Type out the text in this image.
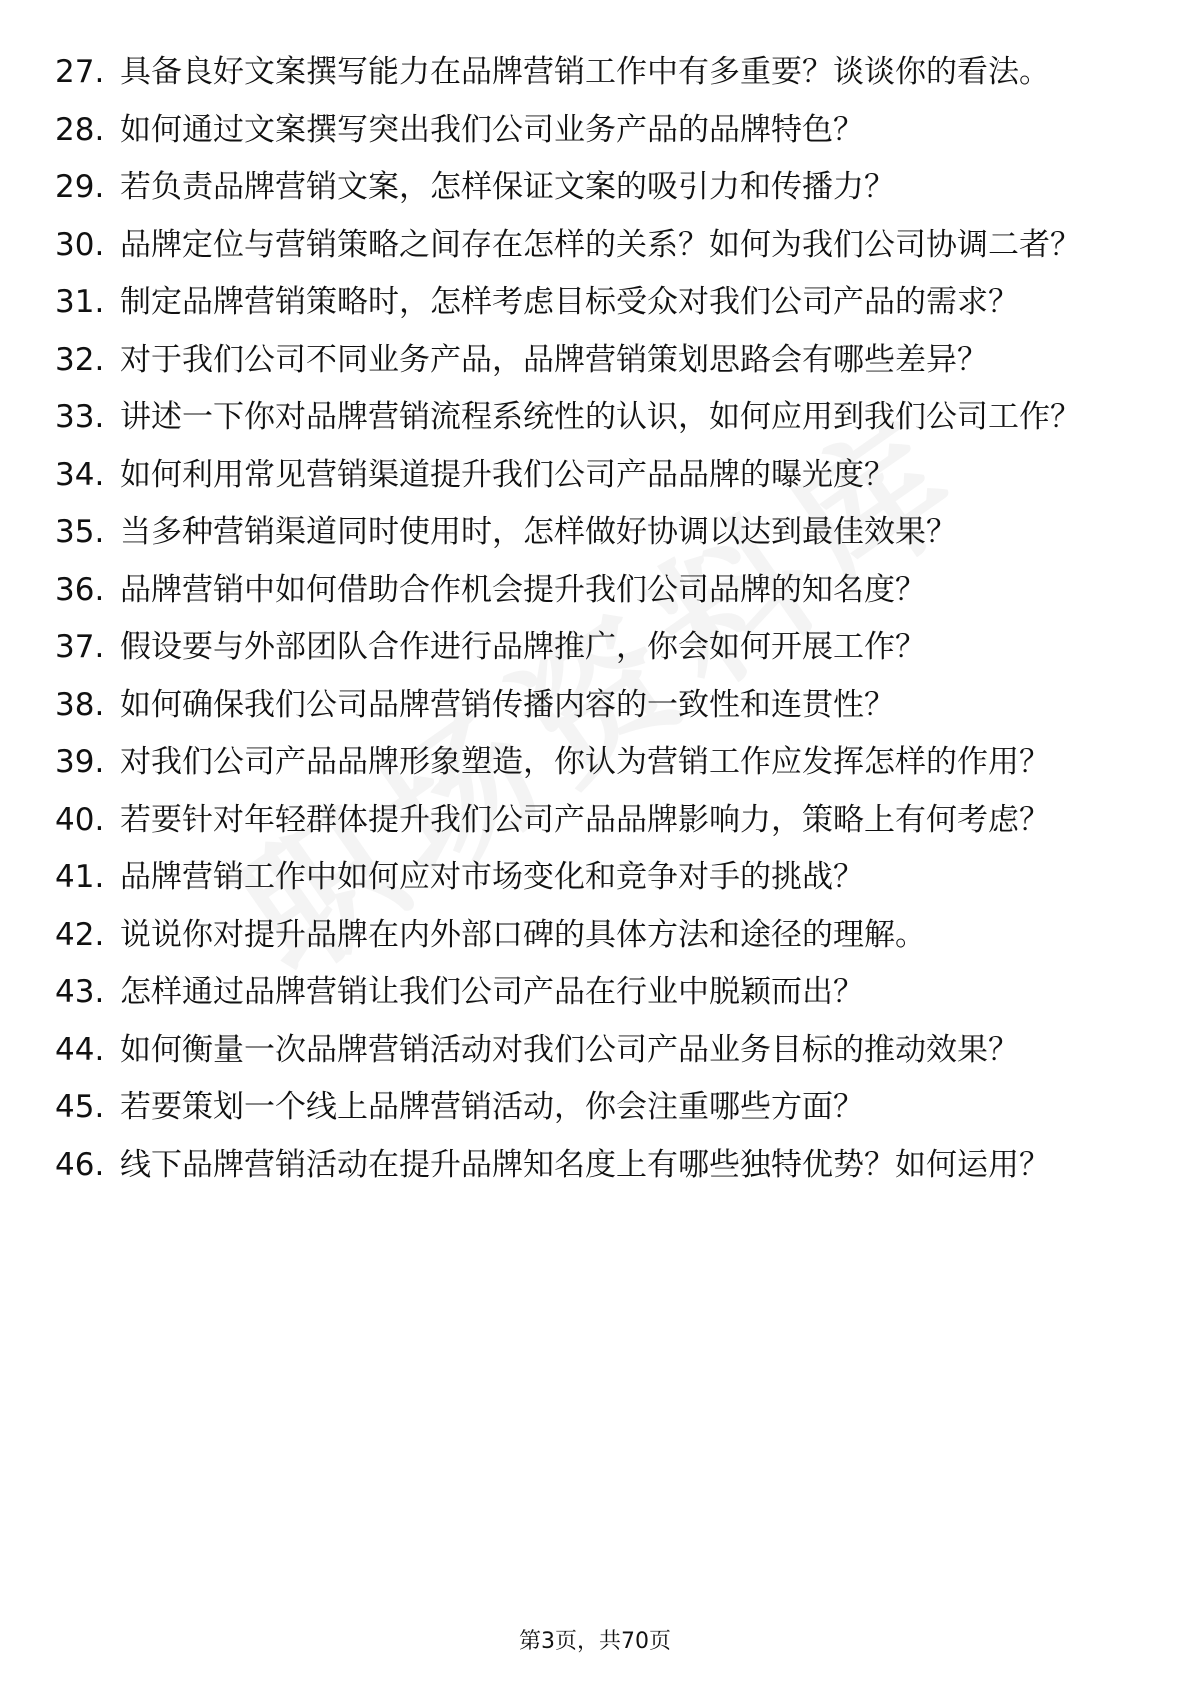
27. 具备良好文案撰写能力在品牌营销工作中有多重要？谈谈你的看法。
28. 如何通过文案撰写突出我们公司业务产品的品牌特色？
29. 若负责品牌营销文案，怎样保证文案的吸引力和传播力？
30. 品牌定位与营销策略之间存在怎样的关系？如何为我们公司协调二者？
31. 制定品牌营销策略时，怎样考虑目标受众对我们公司产品的需求？
32. 对于我们公司不同业务产品，品牌营销策划思路会有哪些差异？
33. 讲述一下你对品牌营销流程系统性的认识，如何应用到我们公司工作？
34. 如何利用常见营销渠道提升我们公司产品品牌的曝光度？
35. 当多种营销渠道同时使用时，怎样做好协调以达到最佳效果？
36. 品牌营销中如何借助合作机会提升我们公司品牌的知名度？
37. 假设要与外部团队合作进行品牌推广，你会如何开展工作？
38. 如何确保我们公司品牌营销传播内容的一致性和连贯性？
39. 对我们公司产品品牌形象塑造，你认为营销工作应发挥怎样的作用？
40. 若要针对年轻群体提升我们公司产品品牌影响力，策略上有何考虑？
41. 品牌营销工作中如何应对市场变化和竞争对手的挑战？
42. 说说你对提升品牌在内外部口碑的具体方法和途径的理解。
43. 怎样通过品牌营销让我们公司产品在行业中脱颖而出？
44. 如何衡量一次品牌营销活动对我们公司产品业务目标的推动效果？
45. 若要策划一个线上品牌营销活动，你会注重哪些方面？
46. 线下品牌营销活动在提升品牌知名度上有哪些独特优势？如何运用？
第3页，共70页
